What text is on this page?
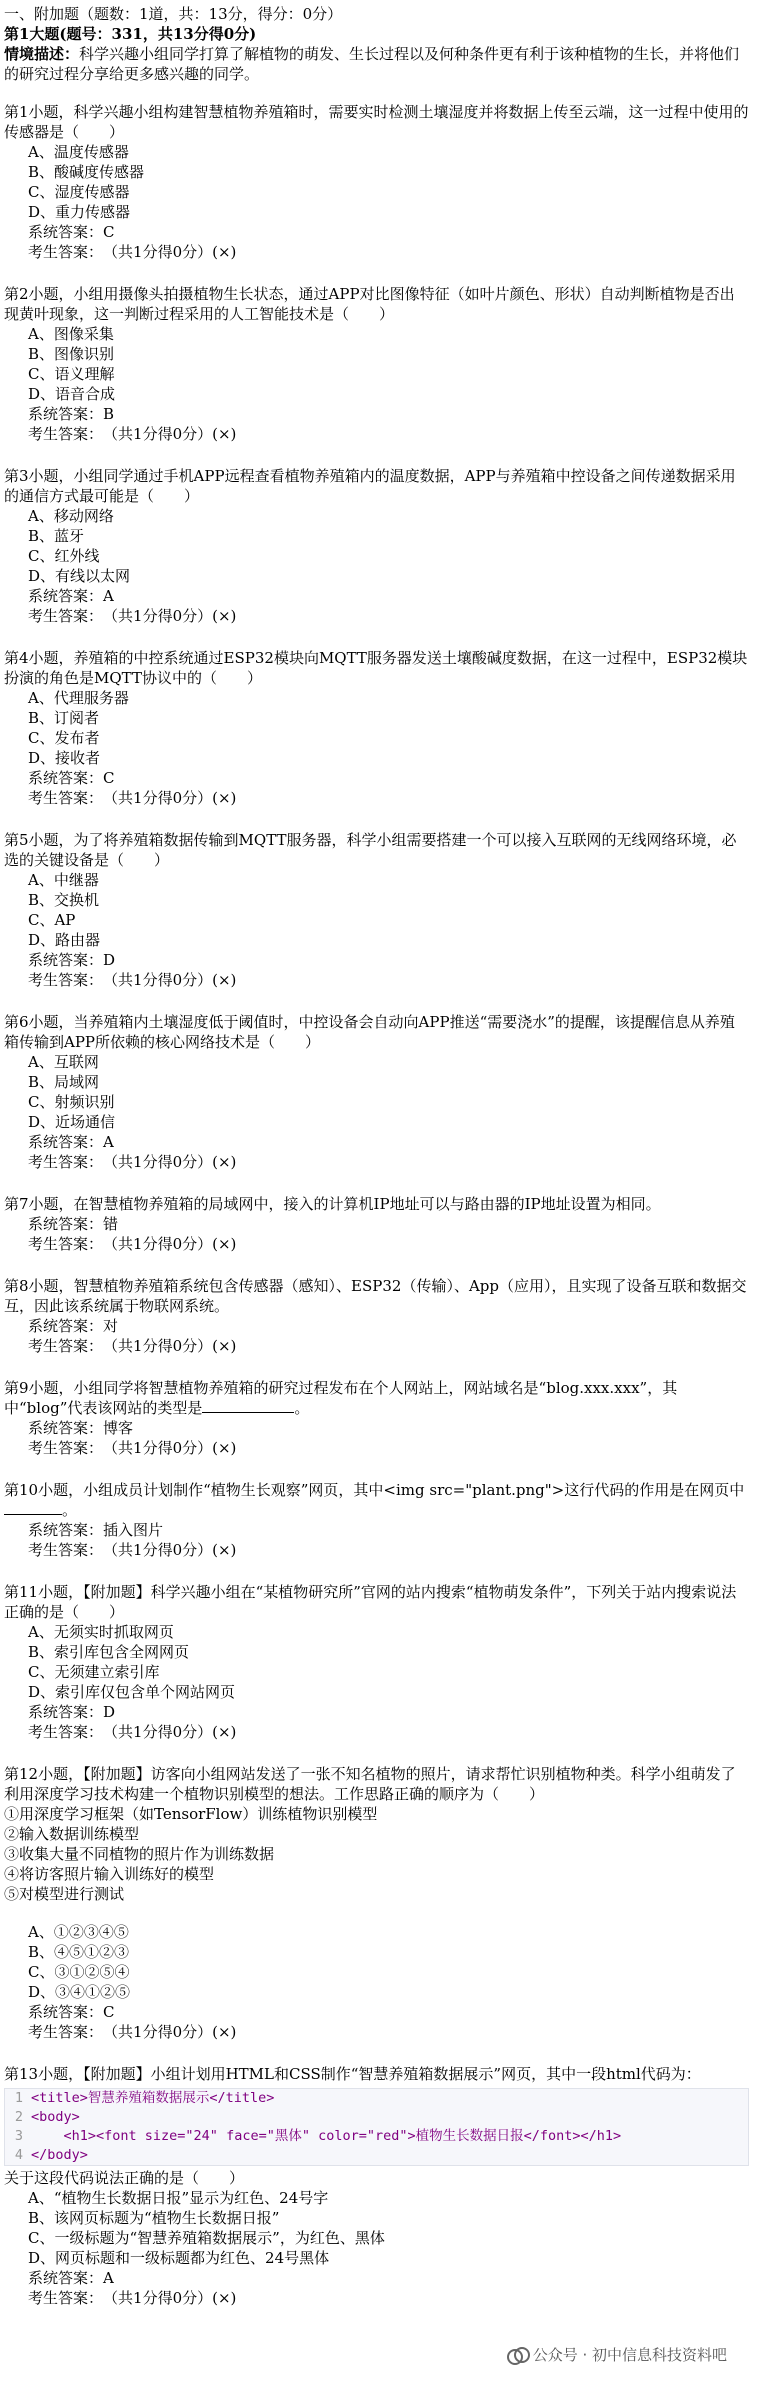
一、附加题（题数：1道，共：13分，得分：0分）
第1大题(题号：331，共13分得0分)
情境描述：科学兴趣小组同学打算了解植物的萌发、生长过程以及何种条件更有利于该种植物的生长，并将他们的研究过程分享给更多感兴趣的同学。
第1小题，科学兴趣小组构建智慧植物养殖箱时，需要实时检测土壤湿度并将数据上传至云端，这一过程中使用的传感器是（　　）
A、温度传感器
B、酸碱度传感器
C、湿度传感器
D、重力传感器
系统答案：C
考生答案：　 （共1分得0分）(×)
第2小题，小组用摄像头拍摄植物生长状态，通过APP对比图像特征（如叶片颜色、形状）自动判断植物是否出现黄叶现象，这一判断过程采用的人工智能技术是（　　）
A、图像采集
B、图像识别
C、语义理解
D、语音合成
系统答案：B
考生答案：　 （共1分得0分）(×)
第3小题，小组同学通过手机APP远程查看植物养殖箱内的温度数据，APP与养殖箱中控设备之间传递数据采用的通信方式最可能是（　　）
A、移动网络
B、蓝牙
C、红外线
D、有线以太网
系统答案：A
考生答案：　 （共1分得0分）(×)
第4小题，养殖箱的中控系统通过ESP32模块向MQTT服务器发送土壤酸碱度数据，在这一过程中，ESP32模块扮演的角色是MQTT协议中的（　　）
A、代理服务器
B、订阅者
C、发布者
D、接收者
系统答案：C
考生答案：　 （共1分得0分）(×)
第5小题，为了将养殖箱数据传输到MQTT服务器，科学小组需要搭建一个可以接入互联网的无线网络环境，必选的关键设备是（　　）
A、中继器
B、交换机
C、AP
D、路由器
系统答案：D
考生答案：　 （共1分得0分）(×)
第6小题，当养殖箱内土壤湿度低于阈值时，中控设备会自动向APP推送“需要浇水”的提醒，该提醒信息从养殖箱传输到APP所依赖的核心网络技术是（　　）
A、互联网
B、局域网
C、射频识别
D、近场通信
系统答案：A
考生答案：　 （共1分得0分）(×)
第7小题，在智慧植物养殖箱的局域网中，接入的计算机IP地址可以与路由器的IP地址设置为相同。
系统答案：错
考生答案：　 （共1分得0分）(×)
第8小题，智慧植物养殖箱系统包含传感器（感知）、ESP32（传输）、App（应用），且实现了设备互联和数据交互，因此该系统属于物联网系统。
系统答案：对
考生答案：　 （共1分得0分）(×)
第9小题，小组同学将智慧植物养殖箱的研究过程发布在个人网站上，网站域名是“blog.xxx.xxx”，其中“blog”代表该网站的类型是	。
系统答案：博客
考生答案：　 （共1分得0分）(×)
第10小题，小组成员计划制作“植物生长观察”网页，其中<img src="plant.png">这行代码的作用是在网页中。
系统答案：插入图片
考生答案：　 （共1分得0分）(×)
第11小题，【附加题】科学兴趣小组在“某植物研究所”官网的站内搜索“植物萌发条件”，下列关于站内搜索说法正确的是（　　）
A、无须实时抓取网页
B、索引库包含全网网页
C、无须建立索引库
D、索引库仅包含单个网站网页
系统答案：D
考生答案：　 （共1分得0分）(×)
第12小题，【附加题】访客向小组网站发送了一张不知名植物的照片，请求帮忙识别植物种类。科学小组萌发了利用深度学习技术构建一个植物识别模型的想法。工作思路正确的顺序为（　　）
①用深度学习框架（如TensorFlow）训练植物识别模型
②输入数据训练模型
③收集大量不同植物的照片作为训练数据
④将访客照片输入训练好的模型
⑤对模型进行测试
A、①②③④⑤
B、④⑤①②③
C、③①②⑤④
D、③④①②⑤
系统答案：C
考生答案：　 （共1分得0分）(×)
第13小题，【附加题】小组计划用HTML和CSS制作“智慧养殖箱数据展示”网页，其中一段html代码为：
1 <title>智慧养殖箱数据展示</title>
2 <body>
3 <h1><font size="24" face="黑体" color="red">植物生长数据日报</font></h1>
4 </body>
关于这段代码说法正确的是（　　）
A、“植物生长数据日报”显示为红色、24号字
B、该网页标题为“植物生长数据日报”
C、一级标题为“智慧养殖箱数据展示”，为红色、黑体
D、网页标题和一级标题都为红色、24号黑体
系统答案：A
考生答案：　 （共1分得0分）(×)
公众号 · 初中信息科技资料吧
